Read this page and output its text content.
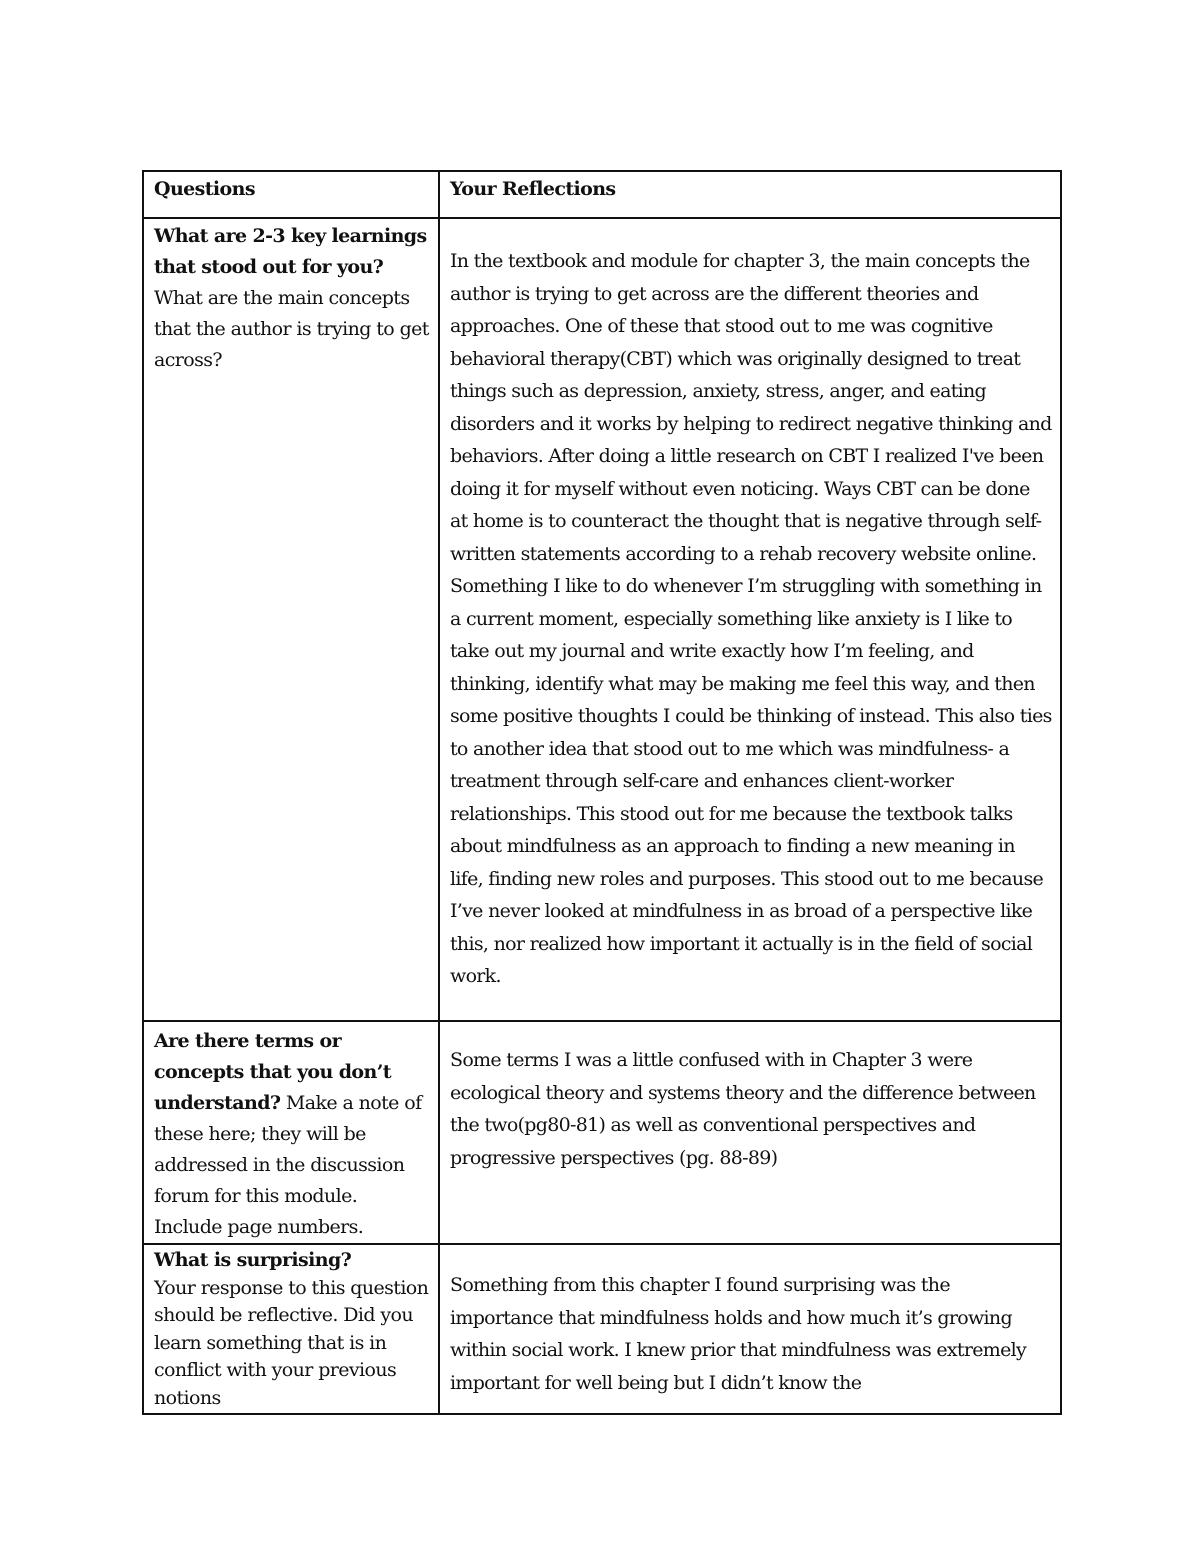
Questions	Your Reflections

What are 2-3 key learnings that stood out for you?
What are the main concepts that the author is trying to get across?	In the textbook and module for chapter 3, the main concepts the author is trying to get across are the different theories and approaches. One of these that stood out to me was cognitive behavioral therapy(CBT) which was originally designed to treat things such as depression, anxiety, stress, anger, and eating disorders and it works by helping to redirect negative thinking and behaviors. After doing a little research on CBT I realized I've been doing it for myself without even noticing. Ways CBT can be done at home is to counteract the thought that is negative through self-written statements according to a rehab recovery website online. Something I like to do whenever I’m struggling with something in a current moment, especially something like anxiety is I like to take out my journal and write exactly how I’m feeling, and thinking, identify what may be making me feel this way, and then some positive thoughts I could be thinking of instead. This also ties to another idea that stood out to me which was mindfulness- a treatment through self-care and enhances client-worker relationships. This stood out for me because the textbook talks about mindfulness as an approach to finding a new meaning in life, finding new roles and purposes. This stood out to me because I’ve never looked at mindfulness in as broad of a perspective like this, nor realized how important it actually is in the field of social work.

Are there terms or concepts that you don’t understand? Make a note of these here; they will be addressed in the discussion forum for this module. Include page numbers.	Some terms I was a little confused with in Chapter 3 were ecological theory and systems theory and the difference between the two(pg80-81) as well as conventional perspectives and progressive perspectives (pg. 88-89)

What is surprising?
Your response to this question should be reflective. Did you learn something that is in conflict with your previous notions	Something from this chapter I found surprising was the importance that mindfulness holds and how much it’s growing within social work. I knew prior that mindfulness was extremely important for well being but I didn’t know the
